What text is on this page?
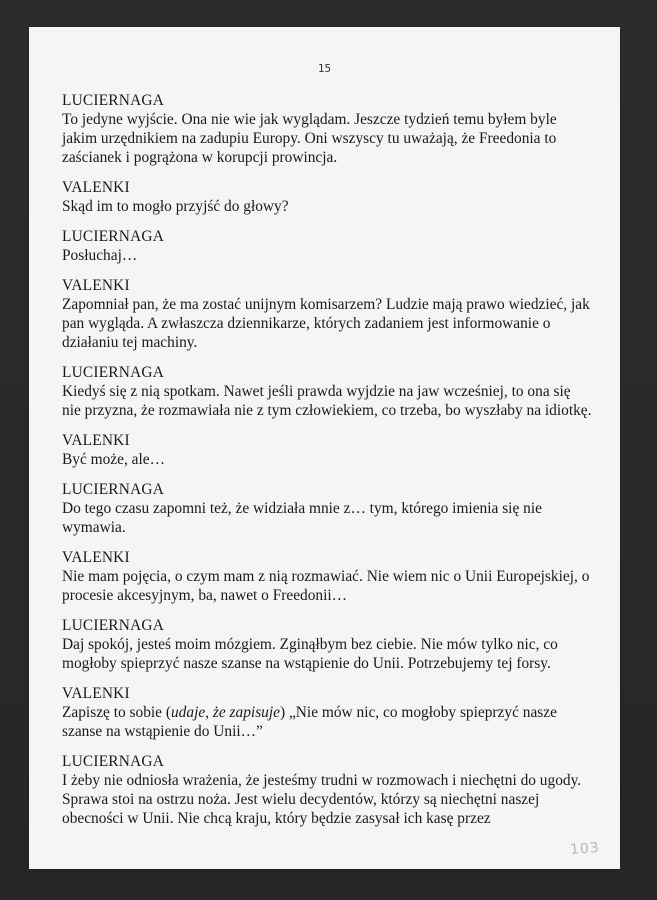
15
LUCIERNAGA
To jedyne wyjście. Ona nie wie jak wyglądam. Jeszcze tydzień temu byłem byle jakim urzędnikiem na zadupiu Europy. Oni wszyscy tu uważają, że Freedonia to zaścianek i pogrążona w korupcji prowincja.
VALENKI
Skąd im to mogło przyjść do głowy?
LUCIERNAGA
Posłuchaj…
VALENKI
Zapomniał pan, że ma zostać unijnym komisarzem? Ludzie mają prawo wiedzieć, jak pan wygląda. A zwłaszcza dziennikarze, których zadaniem jest informowanie o działaniu tej machiny.
LUCIERNAGA
Kiedyś się z nią spotkam. Nawet jeśli prawda wyjdzie na jaw wcześniej, to ona się nie przyzna, że rozmawiała nie z tym człowiekiem, co trzeba, bo wyszłaby na idiotkę.
VALENKI
Być może, ale…
LUCIERNAGA
Do tego czasu zapomni też, że widziała mnie z… tym, którego imienia się nie wymawia.
VALENKI
Nie mam pojęcia, o czym mam z nią rozmawiać. Nie wiem nic o Unii Europejskiej, o procesie akcesyjnym, ba, nawet o Freedonii…
LUCIERNAGA
Daj spokój, jesteś moim mózgiem. Zginąłbym bez ciebie. Nie mów tylko nic, co mogłoby spieprzyć nasze szanse na wstąpienie do Unii. Potrzebujemy tej forsy.
VALENKI
Zapiszę to sobie (udaje, że zapisuje) „Nie mów nic, co mogłoby spieprzyć nasze szanse na wstąpienie do Unii…”
LUCIERNAGA
I żeby nie odniosła wrażenia, że jesteśmy trudni w rozmowach i niechętni do ugody. Sprawa stoi na ostrzu noża. Jest wielu decydentów, którzy są niechętni naszej obecności w Unii. Nie chcą kraju, który będzie zasysał ich kasę przez
103
